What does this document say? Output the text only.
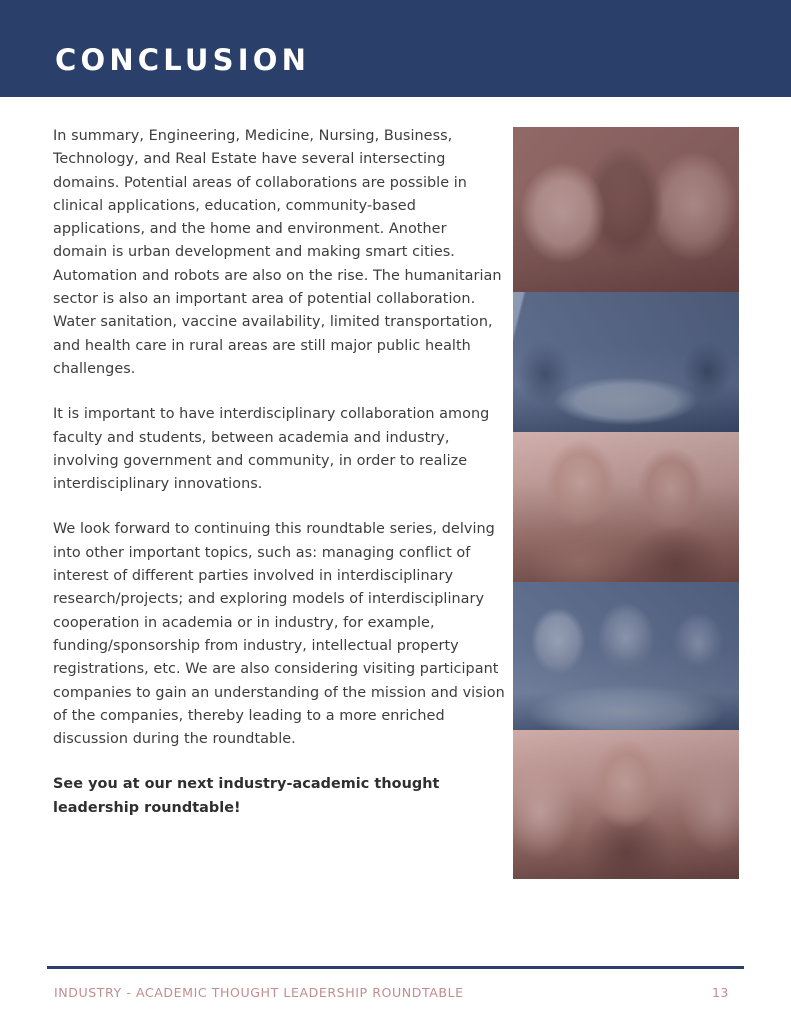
CONCLUSION

In summary, Engineering, Medicine, Nursing, Business, Technology, and Real Estate have several intersecting domains. Potential areas of collaborations are possible in clinical applications, education, community-based applications, and the home and environment. Another domain is urban development and making smart cities. Automation and robots are also on the rise. The humanitarian sector is also an important area of potential collaboration. Water sanitation, vaccine availability, limited transportation, and health care in rural areas are still major public health challenges.

It is important to have interdisciplinary collaboration among faculty and students, between academia and industry, involving government and community, in order to realize interdisciplinary innovations.

We look forward to continuing this roundtable series, delving into other important topics, such as: managing conflict of interest of different parties involved in interdisciplinary research/projects; and exploring models of interdisciplinary cooperation in academia or in industry, for example, funding/sponsorship from industry, intellectual property registrations, etc. We are also considering visiting participant companies to gain an understanding of the mission and vision of the companies, thereby leading to a more enriched discussion during the roundtable.

See you at our next industry-academic thought leadership roundtable!

INDUSTRY - ACADEMIC THOUGHT LEADERSHIP ROUNDTABLE	13
